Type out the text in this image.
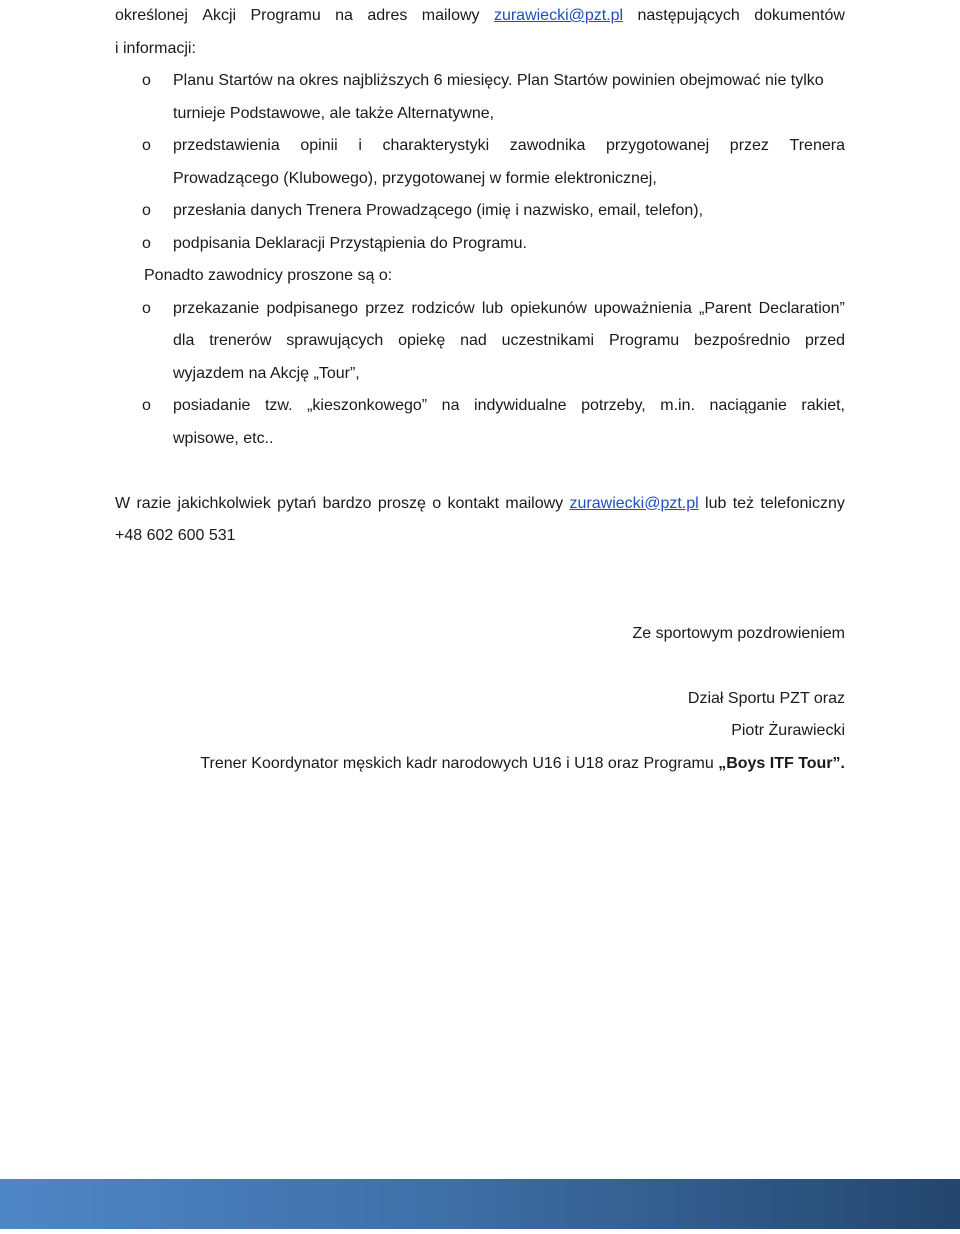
określonej Akcji Programu na adres mailowy zurawiecki@pzt.pl następujących dokumentów
i informacji:
o Planu Startów na okres najbliższych 6 miesięcy. Plan Startów powinien obejmować nie tylko
turnieje Podstawowe, ale także Alternatywne,
o przedstawienia opinii i charakterystyki zawodnika przygotowanej przez Trenera
Prowadzącego (Klubowego), przygotowanej w formie elektronicznej,
o przesłania danych Trenera Prowadzącego (imię i nazwisko, email, telefon),
o podpisania Deklaracji Przystąpienia do Programu.
Ponadto zawodnicy proszone są o:
o przekazanie podpisanego przez rodziców lub opiekunów upoważnienia „Parent Declaration”
dla trenerów sprawujących opiekę nad uczestnikami Programu bezpośrednio przed
wyjazdem na Akcję „Tour”,
o posiadanie tzw. „kieszonkowego” na indywidualne potrzeby, m.in. naciąganie rakiet,
wpisowe, etc..
W razie jakichkolwiek pytań bardzo proszę o kontakt mailowy zurawiecki@pzt.pl lub też telefoniczny
+48 602 600 531
Ze sportowym pozdrowieniem
Dział Sportu PZT oraz
Piotr Żurawiecki
Trener Koordynator męskich kadr narodowych U16 i U18 oraz Programu „Boys ITF Tour”.
